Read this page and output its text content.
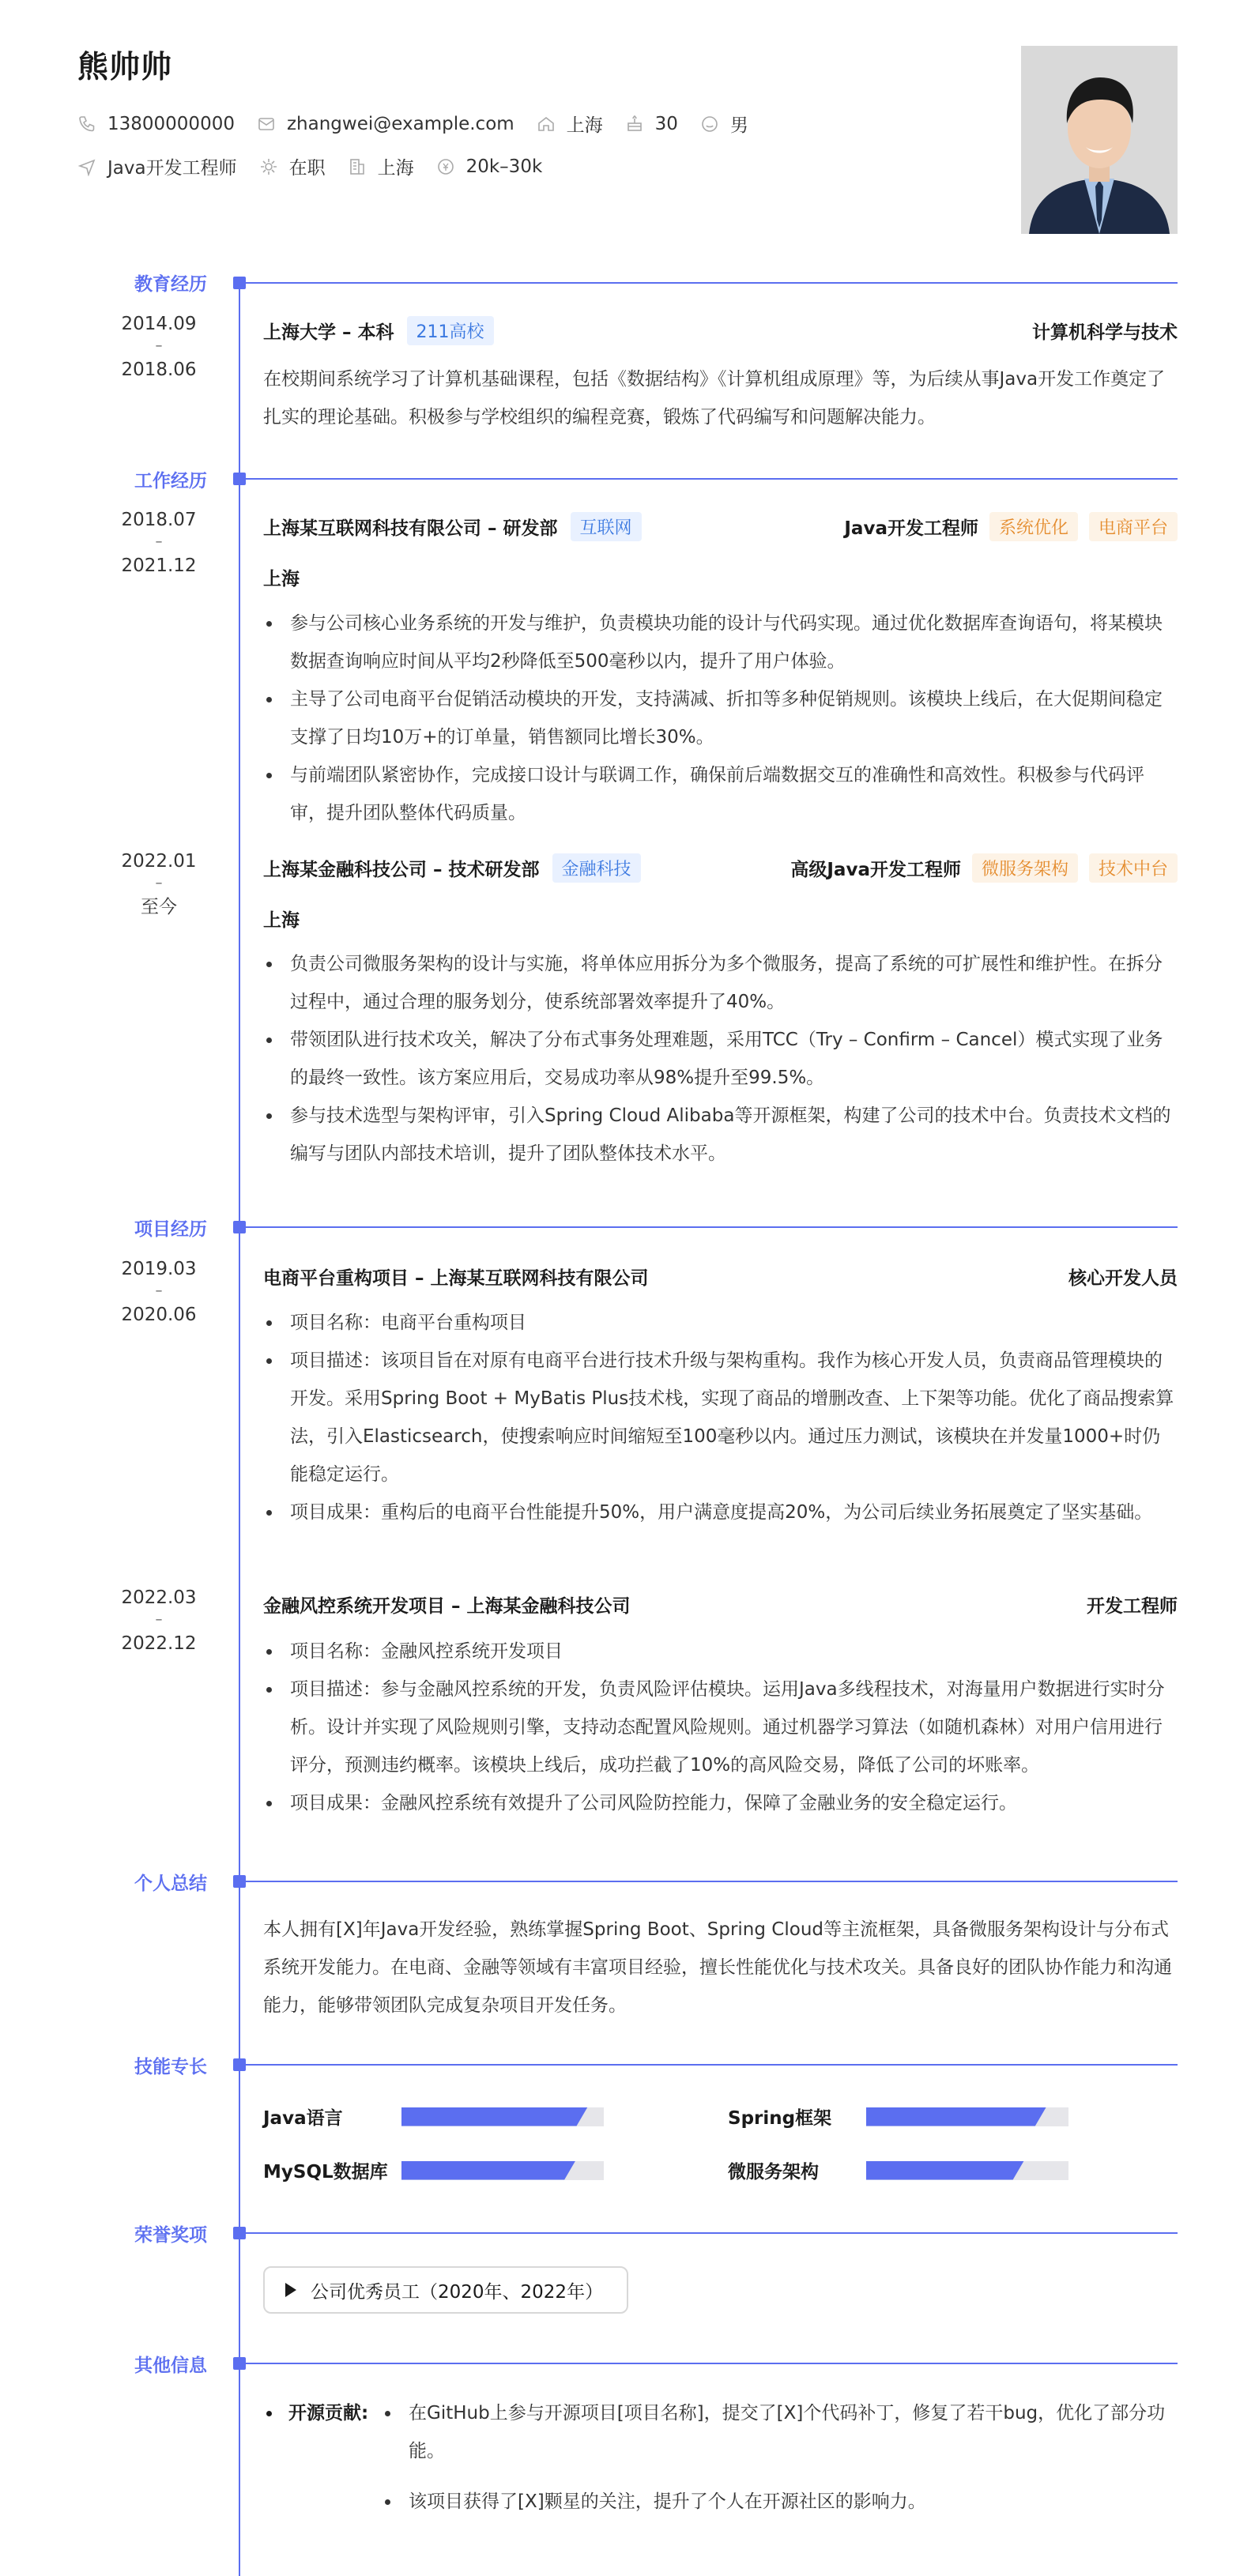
熊帅帅
13800000000	zhangwei@example.com	上海	30	男
Java开发工程师	在职	上海	20k–30k
教育经历
2014.09
–
2018.06
上海大学 – 本科	211高校	计算机科学与技术
在校期间系统学习了计算机基础课程，包括《数据结构》《计算机组成原理》等，为后续从事Java开发工作奠定了扎实的理论基础。积极参与学校组织的编程竞赛，锻炼了代码编写和问题解决能力。
工作经历
2018.07
–
2021.12
上海某互联网科技有限公司 – 研发部	互联网	Java开发工程师	系统优化	电商平台
上海
参与公司核心业务系统的开发与维护，负责模块功能的设计与代码实现。通过优化数据库查询语句，将某模块数据查询响应时间从平均2秒降低至500毫秒以内，提升了用户体验。
主导了公司电商平台促销活动模块的开发，支持满减、折扣等多种促销规则。该模块上线后，在大促期间稳定支撑了日均10万+的订单量，销售额同比增长30%。
与前端团队紧密协作，完成接口设计与联调工作，确保前后端数据交互的准确性和高效性。积极参与代码评审，提升团队整体代码质量。
2022.01
–
至今
上海某金融科技公司 – 技术研发部	金融科技	高级Java开发工程师	微服务架构	技术中台
上海
负责公司微服务架构的设计与实施，将单体应用拆分为多个微服务，提高了系统的可扩展性和维护性。在拆分过程中，通过合理的服务划分，使系统部署效率提升了40%。
带领团队进行技术攻关，解决了分布式事务处理难题，采用TCC（Try – Confirm – Cancel）模式实现了业务的最终一致性。该方案应用后，交易成功率从98%提升至99.5%。
参与技术选型与架构评审，引入Spring Cloud Alibaba等开源框架，构建了公司的技术中台。负责技术文档的编写与团队内部技术培训，提升了团队整体技术水平。
项目经历
2019.03
–
2020.06
电商平台重构项目 – 上海某互联网科技有限公司	核心开发人员
项目名称：电商平台重构项目
项目描述：该项目旨在对原有电商平台进行技术升级与架构重构。我作为核心开发人员，负责商品管理模块的开发。采用Spring Boot + MyBatis Plus技术栈，实现了商品的增删改查、上下架等功能。优化了商品搜索算法，引入Elasticsearch，使搜索响应时间缩短至100毫秒以内。通过压力测试，该模块在并发量1000+时仍能稳定运行。
项目成果：重构后的电商平台性能提升50%，用户满意度提高20%，为公司后续业务拓展奠定了坚实基础。
2022.03
–
2022.12
金融风控系统开发项目 – 上海某金融科技公司	开发工程师
项目名称：金融风控系统开发项目
项目描述：参与金融风控系统的开发，负责风险评估模块。运用Java多线程技术，对海量用户数据进行实时分析。设计并实现了风险规则引擎，支持动态配置风险规则。通过机器学习算法（如随机森林）对用户信用进行评分，预测违约概率。该模块上线后，成功拦截了10%的高风险交易，降低了公司的坏账率。
项目成果：金融风控系统有效提升了公司风险防控能力，保障了金融业务的安全稳定运行。
个人总结
本人拥有[X]年Java开发经验，熟练掌握Spring Boot、Spring Cloud等主流框架，具备微服务架构设计与分布式系统开发能力。在电商、金融等领域有丰富项目经验，擅长性能优化与技术攻关。具备良好的团队协作能力和沟通能力，能够带领团队完成复杂项目开发任务。
技能专长
Java语言	Spring框架
MySQL数据库	微服务架构
荣誉奖项
公司优秀员工（2020年、2022年）
其他信息
开源贡献:	在GitHub上参与开源项目[项目名称]，提交了[X]个代码补丁，修复了若干bug，优化了部分功能。
该项目获得了[X]颗星的关注，提升了个人在开源社区的影响力。
